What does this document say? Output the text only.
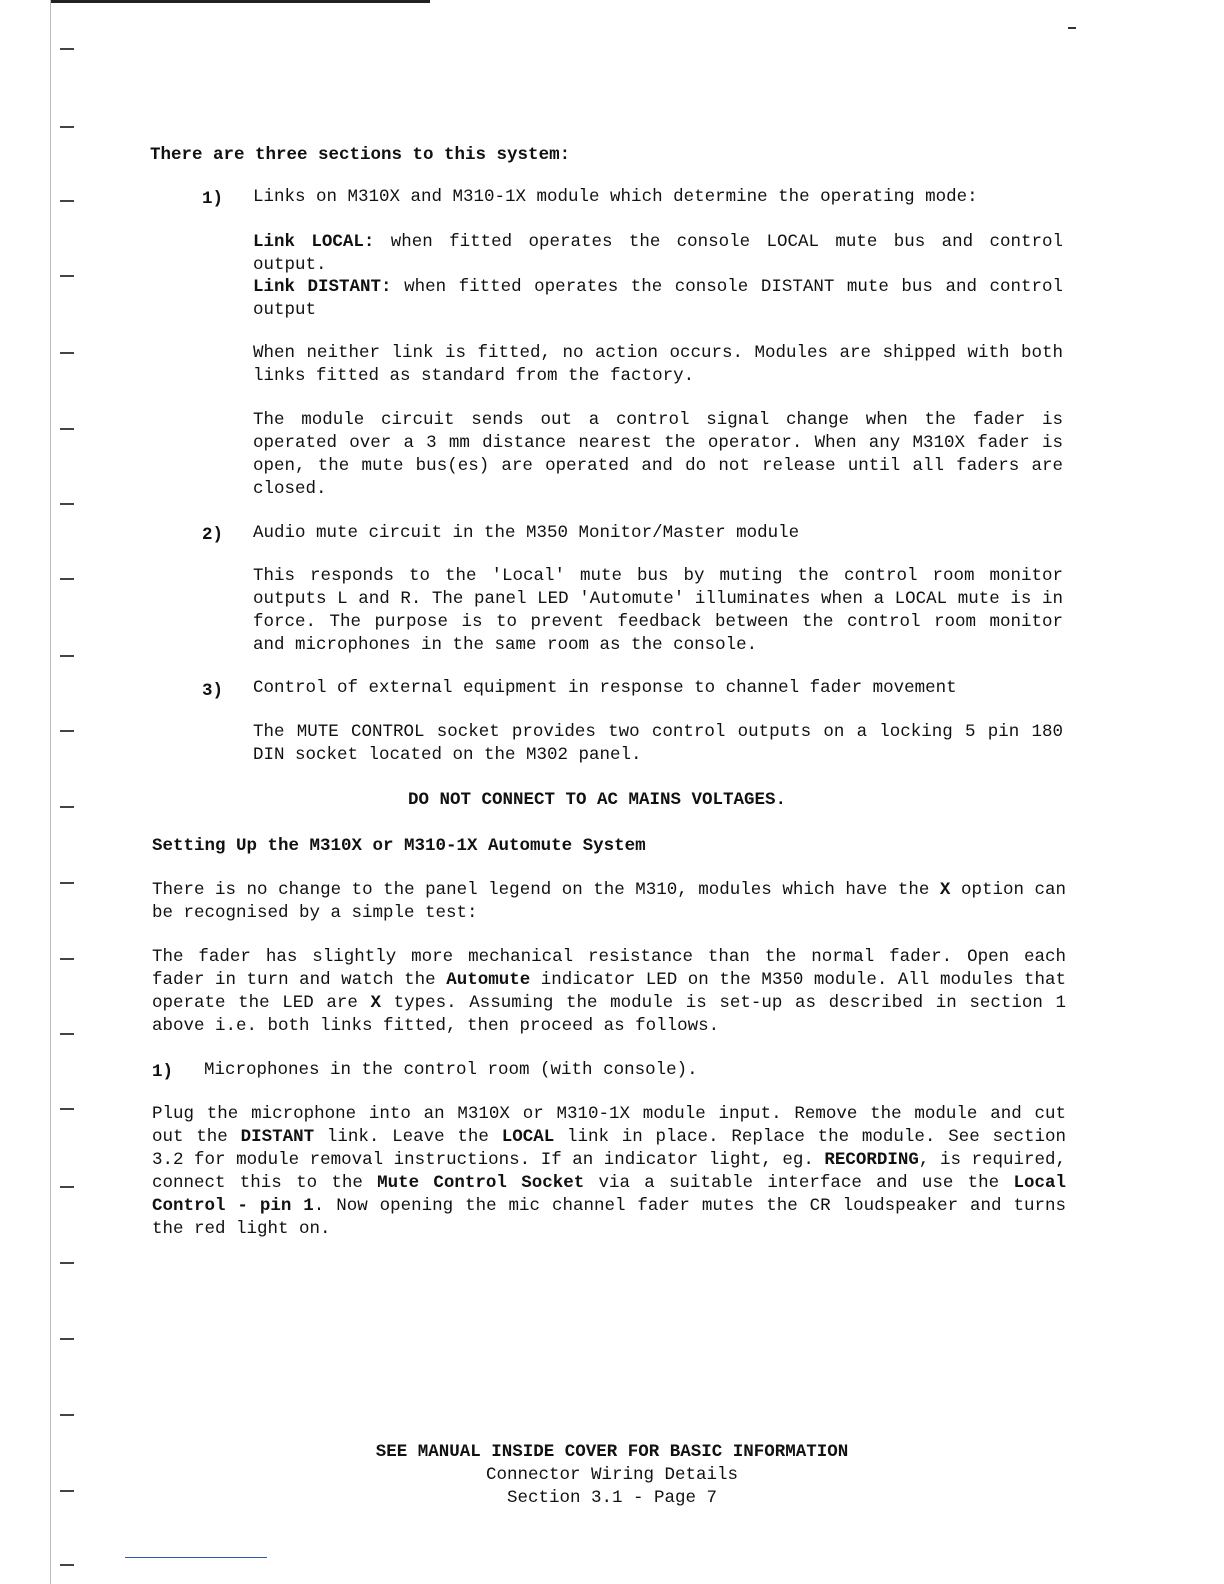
There are three sections to this system:
1) Links on M310X and M310-1X module which determine the operating mode:
Link LOCAL: when fitted operates the console LOCAL mute bus and control output.
Link DISTANT: when fitted operates the console DISTANT mute bus and control output
When neither link is fitted, no action occurs. Modules are shipped with both links fitted as standard from the factory.
The module circuit sends out a control signal change when the fader is operated over a 3 mm distance nearest the operator. When any M310X fader is open, the mute bus(es) are operated and do not release until all faders are closed.
2) Audio mute circuit in the M350 Monitor/Master module
This responds to the 'Local' mute bus by muting the control room monitor outputs L and R. The panel LED 'Automute' illuminates when a LOCAL mute is in force. The purpose is to prevent feedback between the control room monitor and microphones in the same room as the console.
3) Control of external equipment in response to channel fader movement
The MUTE CONTROL socket provides two control outputs on a locking 5 pin 180 DIN socket located on the M302 panel.
DO NOT CONNECT TO AC MAINS VOLTAGES.
Setting Up the M310X or M310-1X Automute System
There is no change to the panel legend on the M310, modules which have the X option can be recognised by a simple test:
The fader has slightly more mechanical resistance than the normal fader. Open each fader in turn and watch the Automute indicator LED on the M350 module. All modules that operate the LED are X types. Assuming the module is set-up as described in section 1 above i.e. both links fitted, then proceed as follows.
1) Microphones in the control room (with console).
Plug the microphone into an M310X or M310-1X module input. Remove the module and cut out the DISTANT link. Leave the LOCAL link in place. Replace the module. See section 3.2 for module removal instructions. If an indicator light, eg. RECORDING, is required, connect this to the Mute Control Socket via a suitable interface and use the Local Control - pin 1. Now opening the mic channel fader mutes the CR loudspeaker and turns the red light on.
SEE MANUAL INSIDE COVER FOR BASIC INFORMATION
Connector Wiring Details
Section 3.1 - Page 7
